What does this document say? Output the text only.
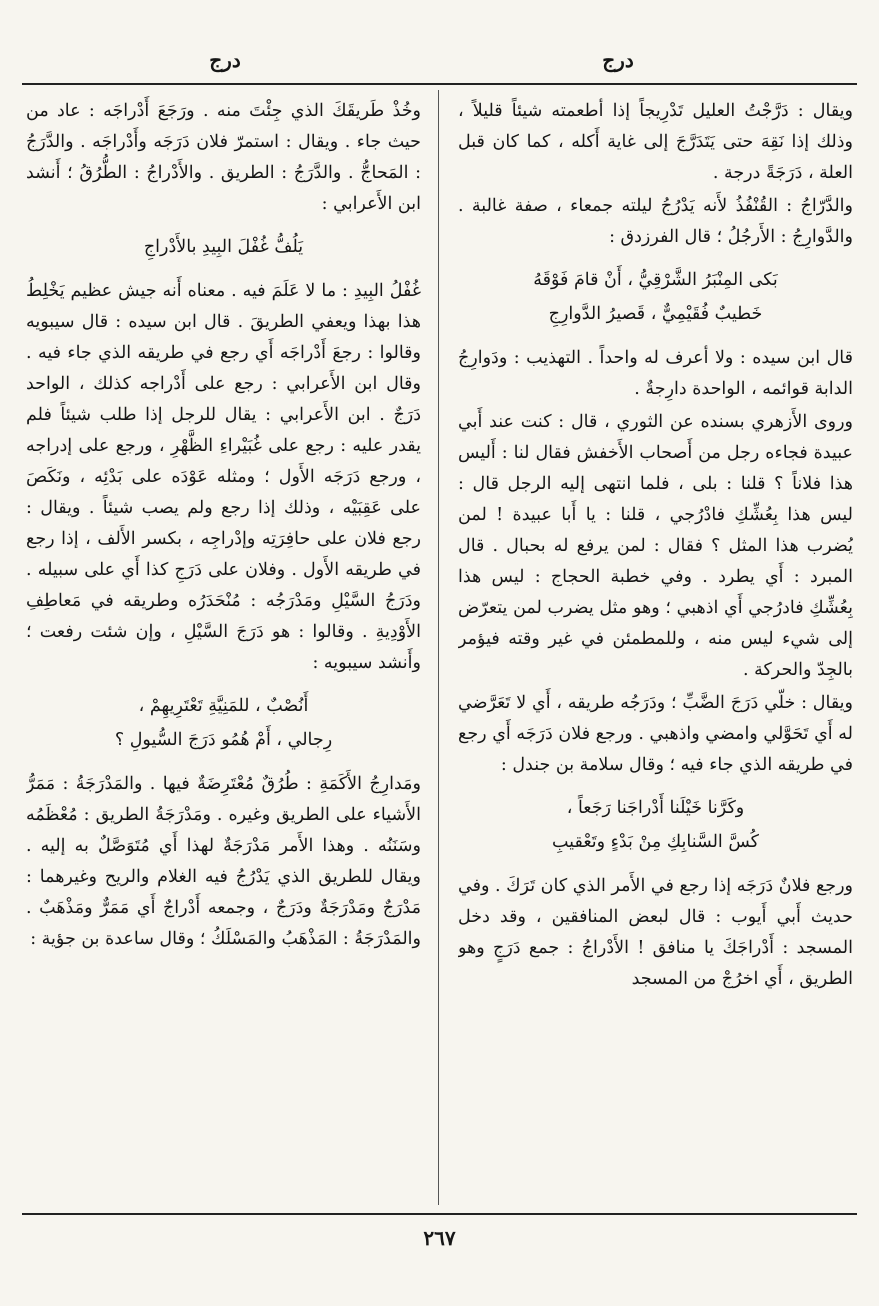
درج
درج

ويقال : دَرَّجْتُ العليل تَدْرِيجاً إذا أطعمته شيئاً قليلاً ، وذلك إذا نَقِهَ حتى يَتَدَرَّجَ إلى غاية أَكله ، كما كان قبل العلة ، دَرَجَةً درجة .

والدَّرّاجُ : القُنْفُذُ لأَنه يَدْرُجُ ليلته جمعاء ، صفة غالبة . والدَّوارِجُ : الأَرجُلُ ؛ قال الفرزدق :

بَكى المِنْبَرُ الشَّرْقِيُّ ، أَنْ قامَ فَوْقَهُ
خَطيبٌ فُقَيْمِيٌّ ، قَصيرُ الدَّوارِجِ

قال ابن سيده : ولا أعرف له واحداً . التهذيب : ودَوارِجُ الدابة قوائمه ، الواحدة دارِجةٌ .

وروى الأَزهري بسنده عن الثوري ، قال : كنت عند أَبي عبيدة فجاءه رجل من أَصحاب الأَخفش فقال لنا : أَليس هذا فلاناً ؟ قلنا : بلى ، فلما انتهى إليه الرجل قال : ليس هذا بِعُشِّكِ فادْرُجي ، قلنا : يا أَبا عبيدة ! لمن يُضرب هذا المثل ؟ فقال : لمن يرفع له بحبال . قال المبرد : أَي يطرد . وفي خطبة الحجاج : ليس هذا بِعُشِّكِ فادرُجي أَي اذهبي ؛ وهو مثل يضرب لمن يتعرّض إلى شيء ليس منه ، وللمطمئن في غير وقته فيؤمر بالجِدّ والحركة .

ويقال : خلّي دَرَجَ الضَّبِّ ؛ ودَرَجُه طريقه ، أَي لا تَعَرَّضي له أَي تَحَوَّلي وامضي واذهبي . ورجع فلان دَرَجَه أَي رجع في طريقه الذي جاء فيه ؛ وقال سلامة بن جندل :

وكَرَّنا خَيْلَنا أَدْراجَنا رَجَعاً ،
كُسَّ السَّنابِكِ مِنْ بَدْءٍ وتَعْقيبِ

ورجع فلانٌ دَرَجَه إذا رجع في الأَمر الذي كان تَرَكَ . وفي حديث أَبي أَيوب : قال لبعض المنافقين ، وقد دخل المسجد : أَدْراجَكَ يا منافق ! الأَدْراجُ : جمع دَرَجٍ وهو الطريق ، أَي اخرُجْ من المسجد

وخُذْ طَريقَكَ الذي جِئْتَ منه . ورَجَعَ أَدْراجَه : عاد من حيث جاء . ويقال : استمرّ فلان دَرَجَه وأَدْراجَه . والدَّرَجُ : المَحاجُّ . والدَّرَجُ : الطريق . والأَدْراجُ : الطُّرُقُ ؛ أَنشد ابن الأَعرابي :

يَلُفُّ غُفْلَ البِيدِ بالأَدْراجِ

غُفْلُ البِيدِ : ما لا عَلَمَ فيه . معناه أَنه جيش عظيم يَخْلِطُ هذا بهذا ويعفي الطريقَ . قال ابن سيده : قال سيبويه وقالوا : رجعَ أَدْراجَه أَي رجع في طريقه الذي جاء فيه . وقال ابن الأَعرابي : رجع على أَدْراجه كذلك ، الواحد دَرَجٌ . ابن الأَعرابي : يقال للرجل إذا طلب شيئاً فلم يقدر عليه : رجع على غُبَيْراءِ الظَّهْرِ ، ورجع على إدراجه ، ورجع دَرَجَه الأَول ؛ ومثله عَوْدَه على بَدْئِه ، ونَكَصَ على عَقِبَيْه ، وذلك إذا رجع ولم يصب شيئاً . ويقال : رجع فلان على حافِرَتِه وإدْراجِه ، بكسر الأَلف ، إذا رجع في طريقه الأَول . وفلان على دَرَجِ كذا أَي على سبيله . ودَرَجُ السَّيْلِ ومَدْرَجُه : مُنْحَدَرُه وطريقه في مَعاطِفِ الأَوْدِيةِ . وقالوا : هو دَرَجَ السَّيْلِ ، وإن شئت رفعت ؛ وأَنشد سيبويه :

أَنُصْبٌ ، للمَنِيَّةِ تَعْتَرِيهِمْ ،
رِجالي ، أَمْ هُمُو دَرَجَ السُّيولِ ؟

ومَدارِجُ الأَكَمَةِ : طُرُقٌ مُعْتَرِضَةٌ فيها . والمَدْرَجَةُ : مَمَرُّ الأَشياء على الطريق وغيره . ومَدْرَجَةُ الطريق : مُعْظَمُه وسَنَنُه . وهذا الأَمر مَدْرَجَةٌ لهذا أَي مُتَوَصَّلٌ به إليه . ويقال للطريق الذي يَدْرُجُ فيه الغلام والريح وغيرهما : مَدْرَجٌ ومَدْرَجَةٌ ودَرَجٌ ، وجمعه أَدْراجٌ أَي مَمَرٌّ ومَذْهَبٌ . والمَدْرَجَةُ : المَذْهَبُ والمَسْلَكُ ؛ وقال ساعدة بن جؤية :

٢٦٧
